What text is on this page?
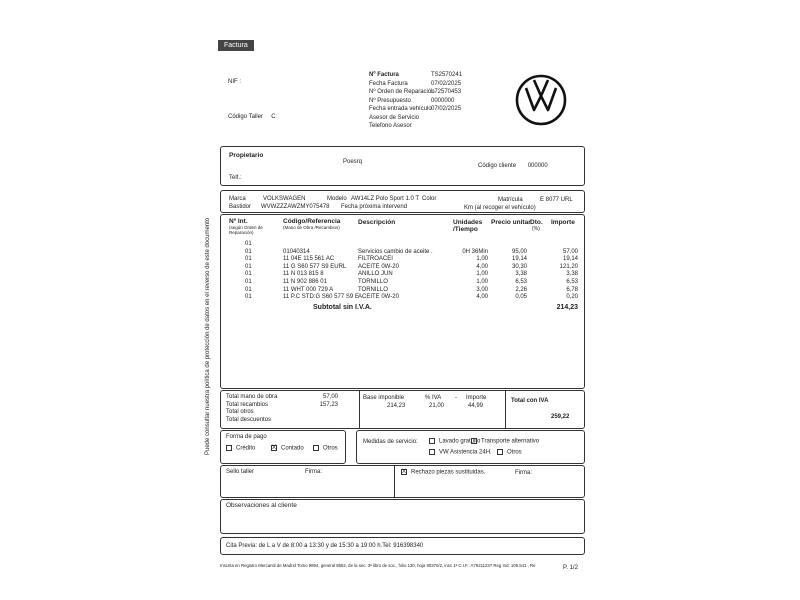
Factura
NIF :
Código Taller C
Nº Factura	TS2570241
Fecha Factura	07/02/2025
Nº Orden de ReparaciónL72570453
Nº Presupuesto	0000000
Fecha entrada vehículo07/02/2025
Asesor de Servicio
Telefono Asesor
Propietario
Poesrq
Código cliente 000000
Telf.:
Marca	VOLKSWAGEN	Modelo AW14LZ Polo Sport 1.0 T Color	Matrícula	E 8077 URL
Bastidor WVWZZZAWZMY075478 Fecha próxima intervend	Km (al recoger el vehículo)
Nº Int.
(según Orden de Reparación)
Código/Referencia
(Mano de Obra /Recambios)
Descripción	Unidades
/Tiempo
Precio unitar Dto.
(%)
Importe
01
01	01040314	Servicios cambio de aceite .	0H 36Min	95,00	57,00
01	11 04E 115 561 AC	FILTROACEI	1,00	19,14	19,14
01	11 G S60 577 S9 EURL	ACEITE 0W-20	4,00	30,30	121,20
01	11 N 013 815 8	ANILLO JUN	1,00	3,38	3,38
01	11 N 902 886 01	TORNILLO	1,00	6,53	6,53
01	11 WHT 000 729 A	TORNILLO	3,00	2,26	6,78
01	11 P.C STD:G S60 577 S9 E ACEITE 0W-20	4,00	0,05	0,20
Subtotal sin I.V.A.	214,23
Puede consultar nuestra política de protección de datos en el reverso de este documento	Total mano de obra	57,00
Total recambios	157,23
Total otros
Total descuentos
Base imponible	% IVA - Importe
214,23	21,00	44,99
Total con IVA
259,22
Forma de pago
Crédito	X Contado	Otros
Medidas de servicio:	Lavado gratuito Transporte alternativo
VW Asistencia 24H.	Otros
Sello taller	Firma:	X Rechazo piezas sustituidas.	Firma:
Observaciones al cliente
Cita Previa: de L a V de 8:00 a 13:30 y de 15:30 a 19:00 h.Tel: 916398340
Inscrita en Registro Mercantil de Madrid Tomo 9894, general 8552, de la sec. 3ª libro de soc., folio 130, hoja 90370/2, insc 1ª C.I.F.: A79211237 Reg Ind: 109.541 , Re	P. 1/2
